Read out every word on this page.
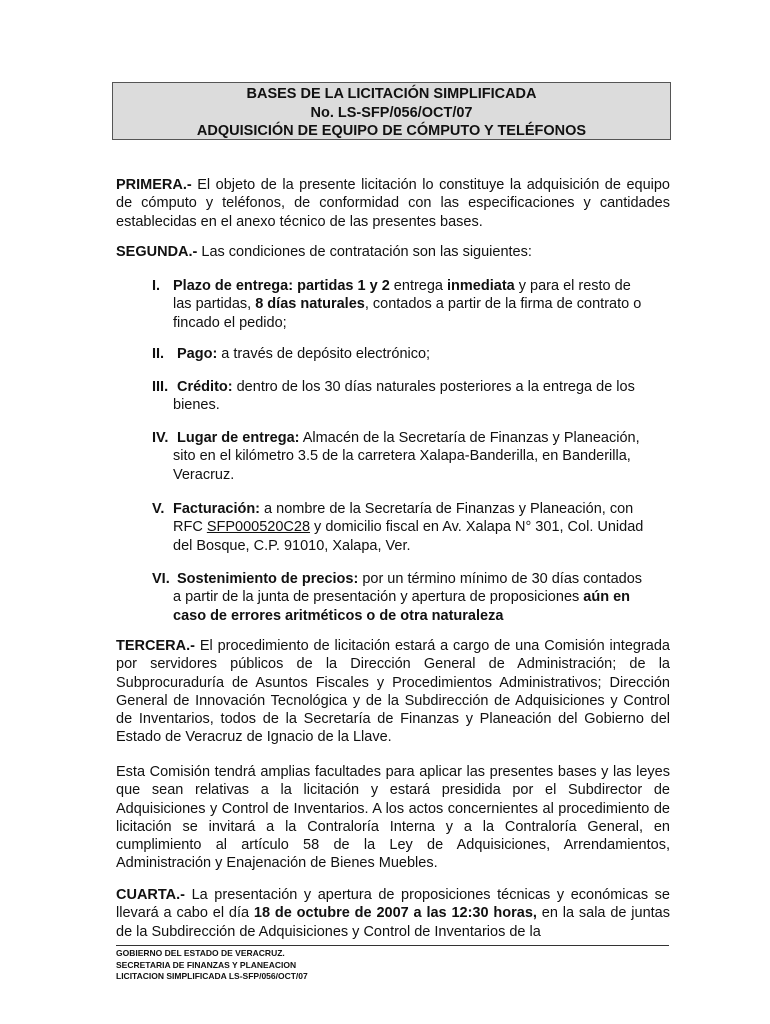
BASES DE LA LICITACIÓN SIMPLIFICADA
No. LS-SFP/056/OCT/07
ADQUISICIÓN DE EQUIPO DE CÓMPUTO Y TELÉFONOS

PRIMERA.- El objeto de la presente licitación lo constituye la adquisición de equipo de cómputo y teléfonos, de conformidad con las especificaciones y cantidades establecidas en el anexo técnico de las presentes bases.

SEGUNDA.- Las condiciones de contratación son las siguientes:

I. Plazo de entrega: partidas 1 y 2 entrega inmediata y para el resto de
las partidas, 8 días naturales, contados a partir de la firma de contrato o
fincado el pedido;
II. Pago: a través de depósito electrónico;
III. Crédito: dentro de los 30 días naturales posteriores a la entrega de los
bienes.
IV. Lugar de entrega: Almacén de la Secretaría de Finanzas y Planeación,
sito en el kilómetro 3.5 de la carretera Xalapa-Banderilla, en Banderilla,
Veracruz.
V. Facturación: a nombre de la Secretaría de Finanzas y Planeación, con
RFC SFP000520C28 y domicilio fiscal en Av. Xalapa N° 301, Col. Unidad
del Bosque, C.P. 91010, Xalapa, Ver.
VI. Sostenimiento de precios: por un término mínimo de 30 días contados
a partir de la junta de presentación y apertura de proposiciones aún en
caso de errores aritméticos o de otra naturaleza

TERCERA.- El procedimiento de licitación estará a cargo de una Comisión integrada por servidores públicos de la Dirección General de Administración; de la Subprocuraduría de Asuntos Fiscales y Procedimientos Administrativos; Dirección General de Innovación Tecnológica y de la Subdirección de Adquisiciones y Control de Inventarios, todos de la Secretaría de Finanzas y Planeación del Gobierno del Estado de Veracruz de Ignacio de la Llave.

Esta Comisión tendrá amplias facultades para aplicar las presentes bases y las leyes que sean relativas a la licitación y estará presidida por el Subdirector de Adquisiciones y Control de Inventarios. A los actos concernientes al procedimiento de licitación se invitará a la Contraloría Interna y a la Contraloría General, en cumplimiento al artículo 58 de la Ley de Adquisiciones, Arrendamientos, Administración y Enajenación de Bienes Muebles.

CUARTA.- La presentación y apertura de proposiciones técnicas y económicas se llevará a cabo el día 18 de octubre de 2007 a las 12:30 horas, en la sala de juntas de la Subdirección de Adquisiciones y Control de Inventarios de la

GOBIERNO DEL ESTADO DE VERACRUZ.
SECRETARIA DE FINANZAS Y PLANEACION
LICITACION SIMPLIFICADA LS-SFP/056/OCT/07
